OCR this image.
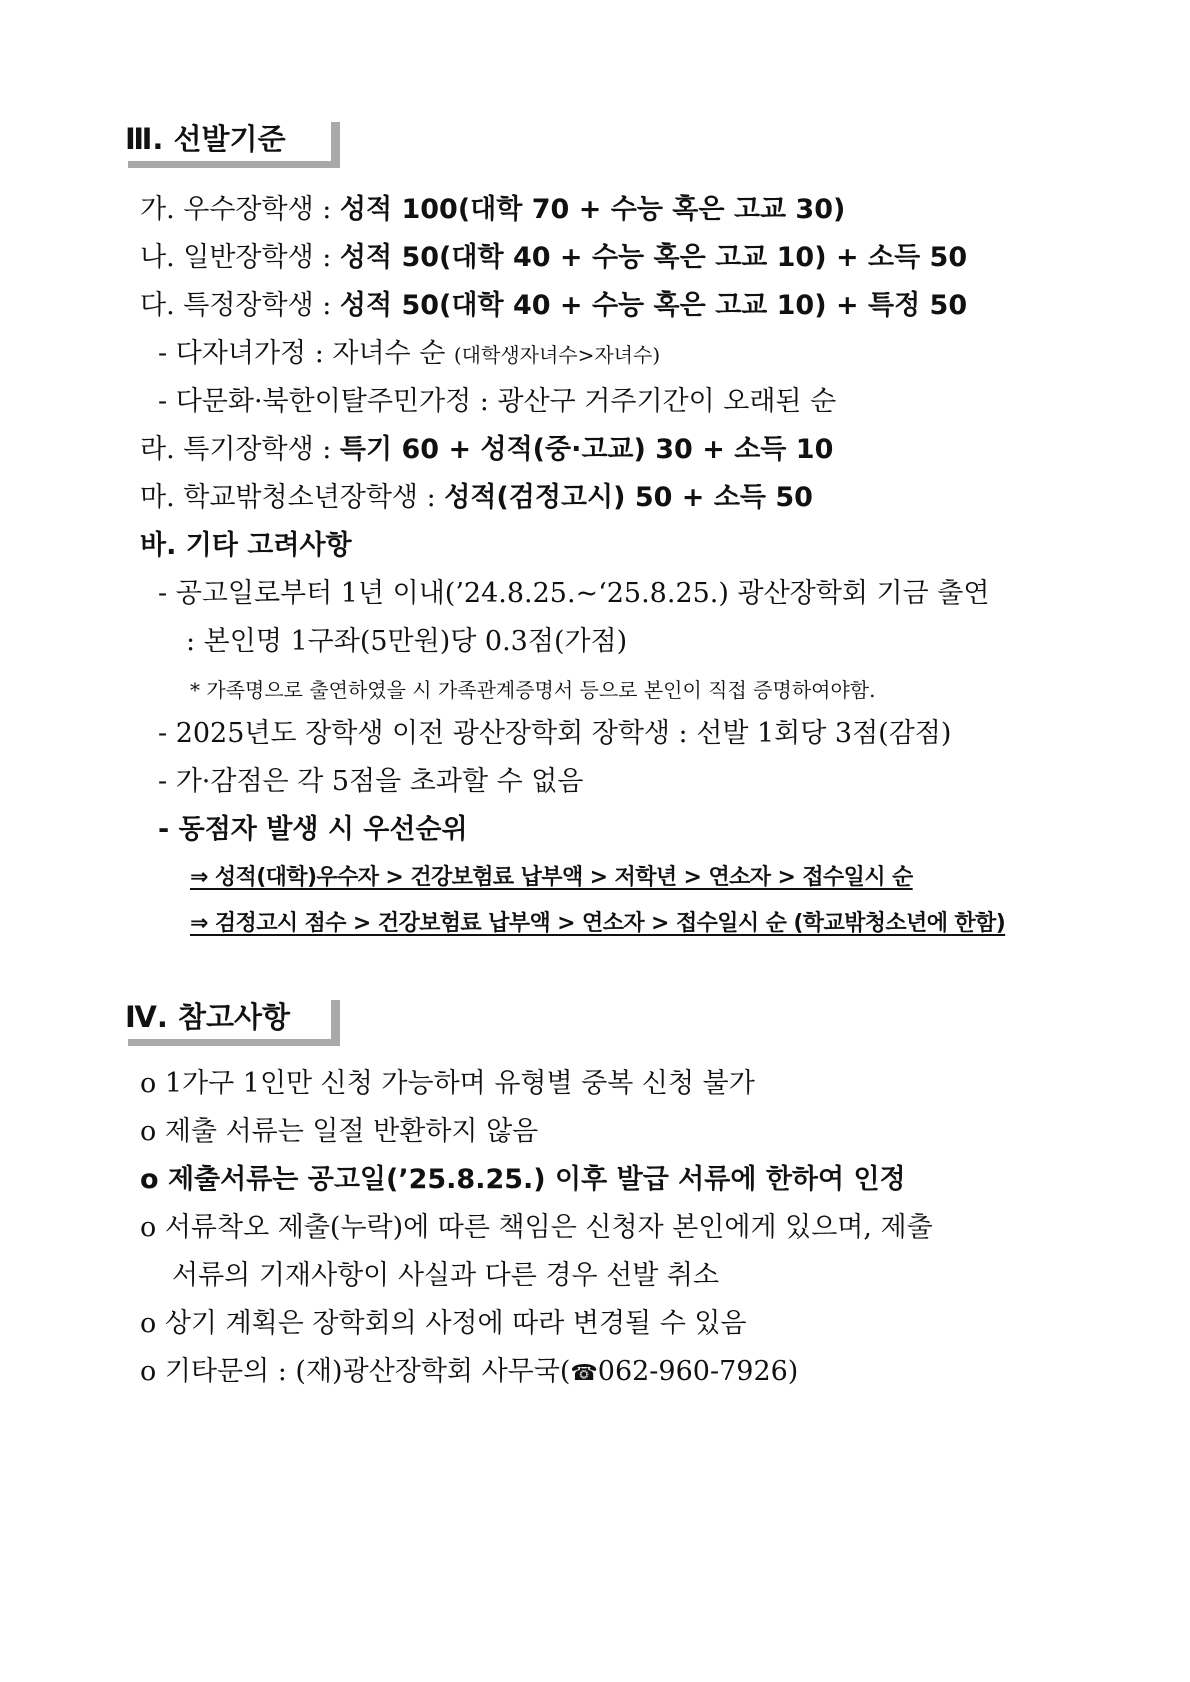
Ⅲ. 선발기준
가. 우수장학생 : 성적 100(대학 70 + 수능 혹은 고교 30)
나. 일반장학생 : 성적 50(대학 40 + 수능 혹은 고교 10) + 소득 50
다. 특정장학생 : 성적 50(대학 40 + 수능 혹은 고교 10) + 특정 50
- 다자녀가정 : 자녀수 순 (대학생자녀수>자녀수)
- 다문화·북한이탈주민가정 : 광산구 거주기간이 오래된 순
라. 특기장학생 : 특기 60 + 성적(중·고교) 30 + 소득 10
마. 학교밖청소년장학생 : 성적(검정고시) 50 + 소득 50
바. 기타 고려사항
- 공고일로부터 1년 이내(’24.8.25.~‘25.8.25.) 광산장학회 기금 출연
: 본인명 1구좌(5만원)당 0.3점(가점)
* 가족명으로 출연하였을 시 가족관계증명서 등으로 본인이 직접 증명하여야함.
- 2025년도 장학생 이전 광산장학회 장학생 : 선발 1회당 3점(감점)
- 가·감점은 각 5점을 초과할 수 없음
- 동점자 발생 시 우선순위
⇒ 성적(대학)우수자 > 건강보험료 납부액 > 저학년 > 연소자 > 접수일시 순
⇒ 검정고시 점수 > 건강보험료 납부액 > 연소자 > 접수일시 순 (학교밖청소년에 한함)
Ⅳ. 참고사항
o 1가구 1인만 신청 가능하며 유형별 중복 신청 불가
o 제출 서류는 일절 반환하지 않음
o 제출서류는 공고일(’25.8.25.) 이후 발급 서류에 한하여 인정
o 서류착오 제출(누락)에 따른 책임은 신청자 본인에게 있으며, 제출
서류의 기재사항이 사실과 다른 경우 선발 취소
o 상기 계획은 장학회의 사정에 따라 변경될 수 있음
o 기타문의 : (재)광산장학회 사무국(☎062-960-7926)
